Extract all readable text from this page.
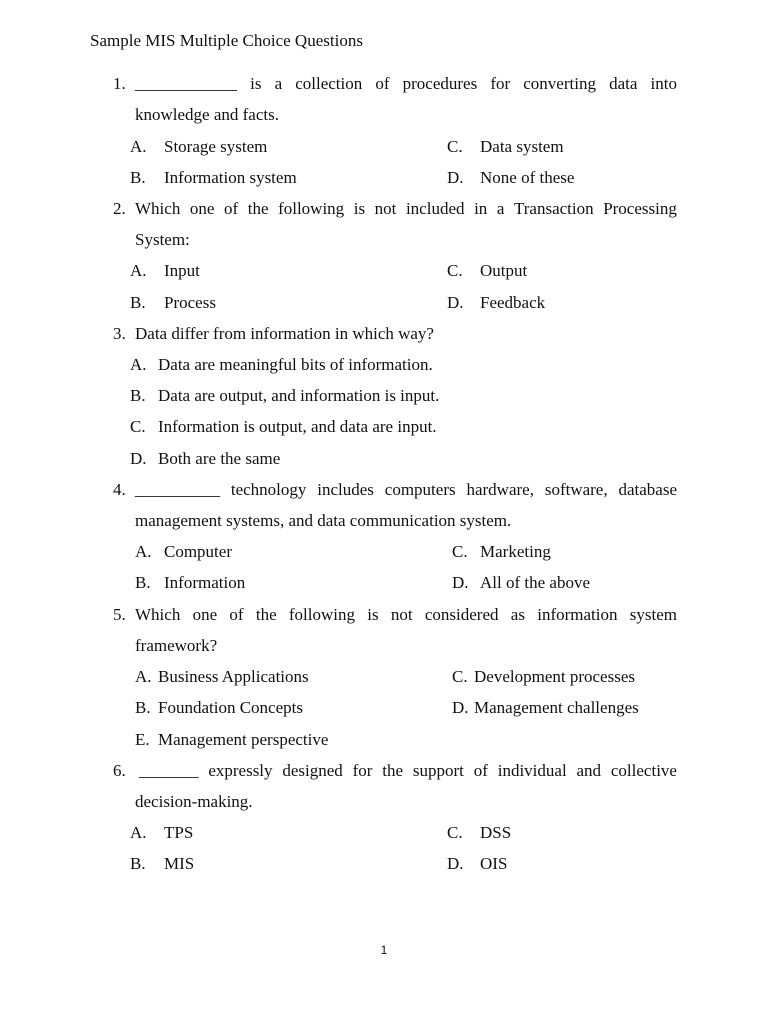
Sample MIS Multiple Choice Questions
1. ____________ is a collection of procedures for converting data into
knowledge and facts.
A. Storage system
B. Information system
C. Data system
D. None of these
2. Which one of the following is not included in a Transaction Processing
System:
A. Input
B. Process
C. Output
D. Feedback
3. Data differ from information in which way?
A. Data are meaningful bits of information.
B. Data are output, and information is input.
C. Information is output, and data are input.
D. Both are the same
4. __________ technology includes computers hardware, software, database
management systems, and data communication system.
A. Computer
B. Information
C. Marketing
D. All of the above
5. Which one of the following is not considered as information system
framework?
A. Business Applications
B. Foundation Concepts
C. Development processes
D. Management challenges
E. Management perspective
6. _______ expressly designed for the support of individual and collective
decision-making.
A. TPS
B. MIS
C. DSS
D. OIS
1
